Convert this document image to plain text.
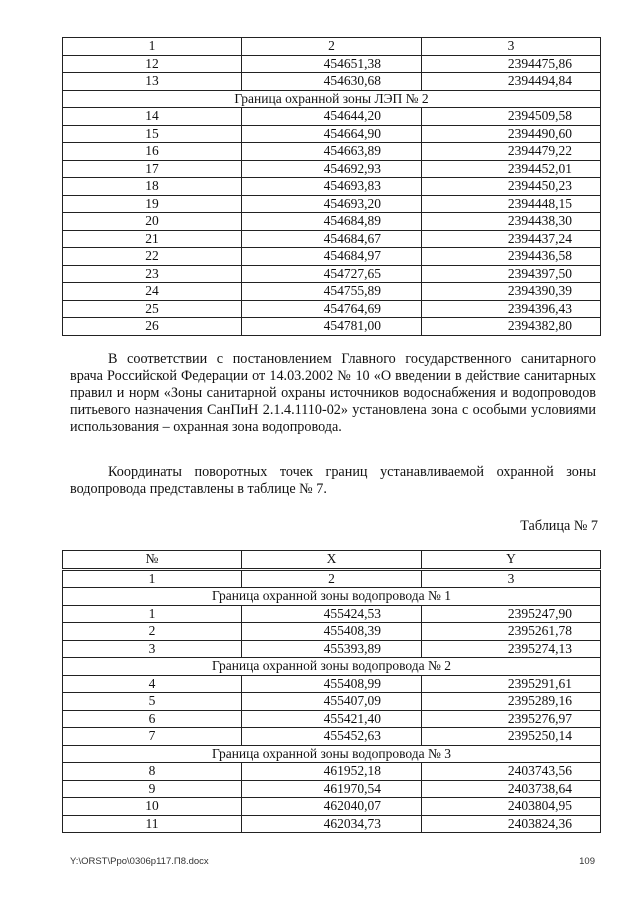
1	2	3
12	454651,38	2394475,86
13	454630,68	2394494,84
Граница охранной зоны ЛЭП № 2		
14	454644,20	2394509,58
15	454664,90	2394490,60
16	454663,89	2394479,22
17	454692,93	2394452,01
18	454693,83	2394450,23
19	454693,20	2394448,15
20	454684,89	2394438,30
21	454684,67	2394437,24
22	454684,97	2394436,58
23	454727,65	2394397,50
24	454755,89	2394390,39
25	454764,69	2394396,43
26	454781,00	2394382,80

В соответствии с постановлением Главного государственного санитарного врача Российской Федерации от 14.03.2002 № 10 «О введении в действие санитарных правил и норм «Зоны санитарной охраны источников водоснабжения и водопроводов питьевого назначения СанПиН 2.1.4.1110-02» установлена зона с особыми условиями использования – охранная зона водопровода.

Координаты поворотных точек границ устанавливаемой охранной зоны водопровода представлены в таблице № 7.

Таблица № 7
№	X	Y
1	2	3
Граница охранной зоны водопровода № 1		
1	455424,53	2395247,90
2	455408,39	2395261,78
3	455393,89	2395274,13
Граница охранной зоны водопровода № 2		
4	455408,99	2395291,61
5	455407,09	2395289,16
6	455421,40	2395276,97
7	455452,63	2395250,14
Граница охранной зоны водопровода № 3		
8	461952,18	2403743,56
9	461970,54	2403738,64
10	462040,07	2403804,95
11	462034,73	2403824,36
Y:\ORST\Ppo\0306p117.П8.docx	109
